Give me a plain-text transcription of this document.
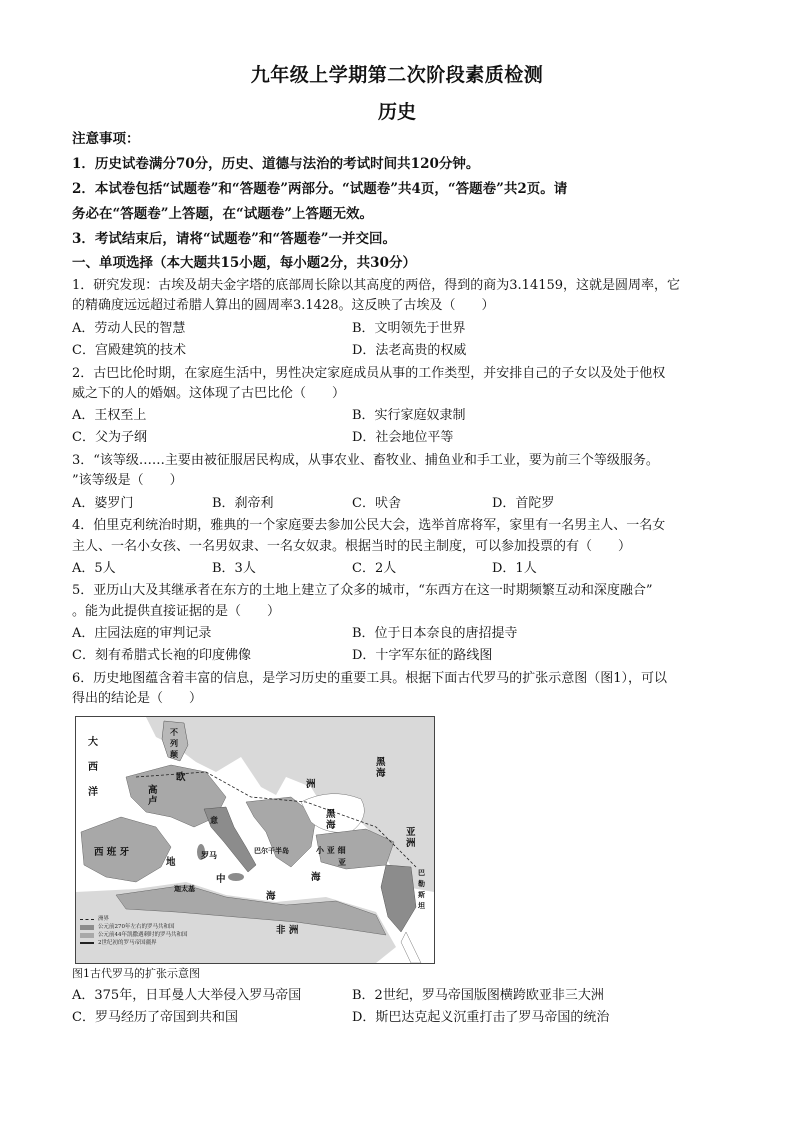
九年级上学期第二次阶段素质检测
历史
注意事项：
1．历史试卷满分70分，历史、道德与法治的考试时间共120分钟。
2．本试卷包括“试题卷”和“答题卷”两部分。“试题卷”共4页，“答题卷”共2页。请
务必在“答题卷”上答题，在“试题卷”上答题无效。
3．考试结束后，请将“试题卷”和“答题卷”一并交回。
一、单项选择（本大题共15小题，每小题2分，共30分）
1．研究发现：古埃及胡夫金字塔的底部周长除以其高度的两倍，得到的商为3.14159，这就是圆周率，它
的精确度远远超过希腊人算出的圆周率3.1428。这反映了古埃及（　　）
A．劳动人民的智慧	B．文明领先于世界
C．宫殿建筑的技术	D．法老高贵的权威
2．古巴比伦时期，在家庭生活中，男性决定家庭成员从事的工作类型，并安排自己的子女以及处于他权
威之下的人的婚姻。这体现了古巴比伦（　　）
A．王权至上	B．实行家庭奴隶制
C．父为子纲	D．社会地位平等
3．“该等级……主要由被征服居民构成，从事农业、畜牧业、捕鱼业和手工业，要为前三个等级服务。
”该等级是（　　）
A．婆罗门	B．刹帝利	C．吠舍	D．首陀罗
4．伯里克利统治时期，雅典的一个家庭要去参加公民大会，选举首席将军，家里有一名男主人、一名女
主人、一名小女孩、一名男奴隶、一名女奴隶。根据当时的民主制度，可以参加投票的有（　　）
A．5人	B．3人	C．2人	D．1人
5．亚历山大及其继承者在东方的土地上建立了众多的城市，“东西方在这一时期频繁互动和深度融合”
。能为此提供直接证据的是（　　）
A．庄园法庭的审判记录	B．位于日本奈良的唐招提寺
C．刻有希腊式长袍的印度佛像	D．十字军东征的路线图
6．历史地图蕴含着丰富的信息，是学习历史的重要工具。根据下面古代罗马的扩张示意图（图1），可以
得出的结论是（　　）
大
西
洋
不
列
颠
欧
高卢
洲
黑
海
黑
海
西 班 牙
意
罗马	巴尔干半岛
地
小 亚 细
亚
迦太基
海
非 洲
亚
洲
巴
勒
斯
坦
洲界
公元前270年左右的罗马共和国
公元前44年凯撒遇刺时的罗马共和国
2世纪初的罗马帝国疆界
图1古代罗马的扩张示意图
A．375年，日耳曼人大举侵入罗马帝国	B．2世纪，罗马帝国版图横跨欧亚非三大洲
C．罗马经历了帝国到共和国	D．斯巴达克起义沉重打击了罗马帝国的统治
